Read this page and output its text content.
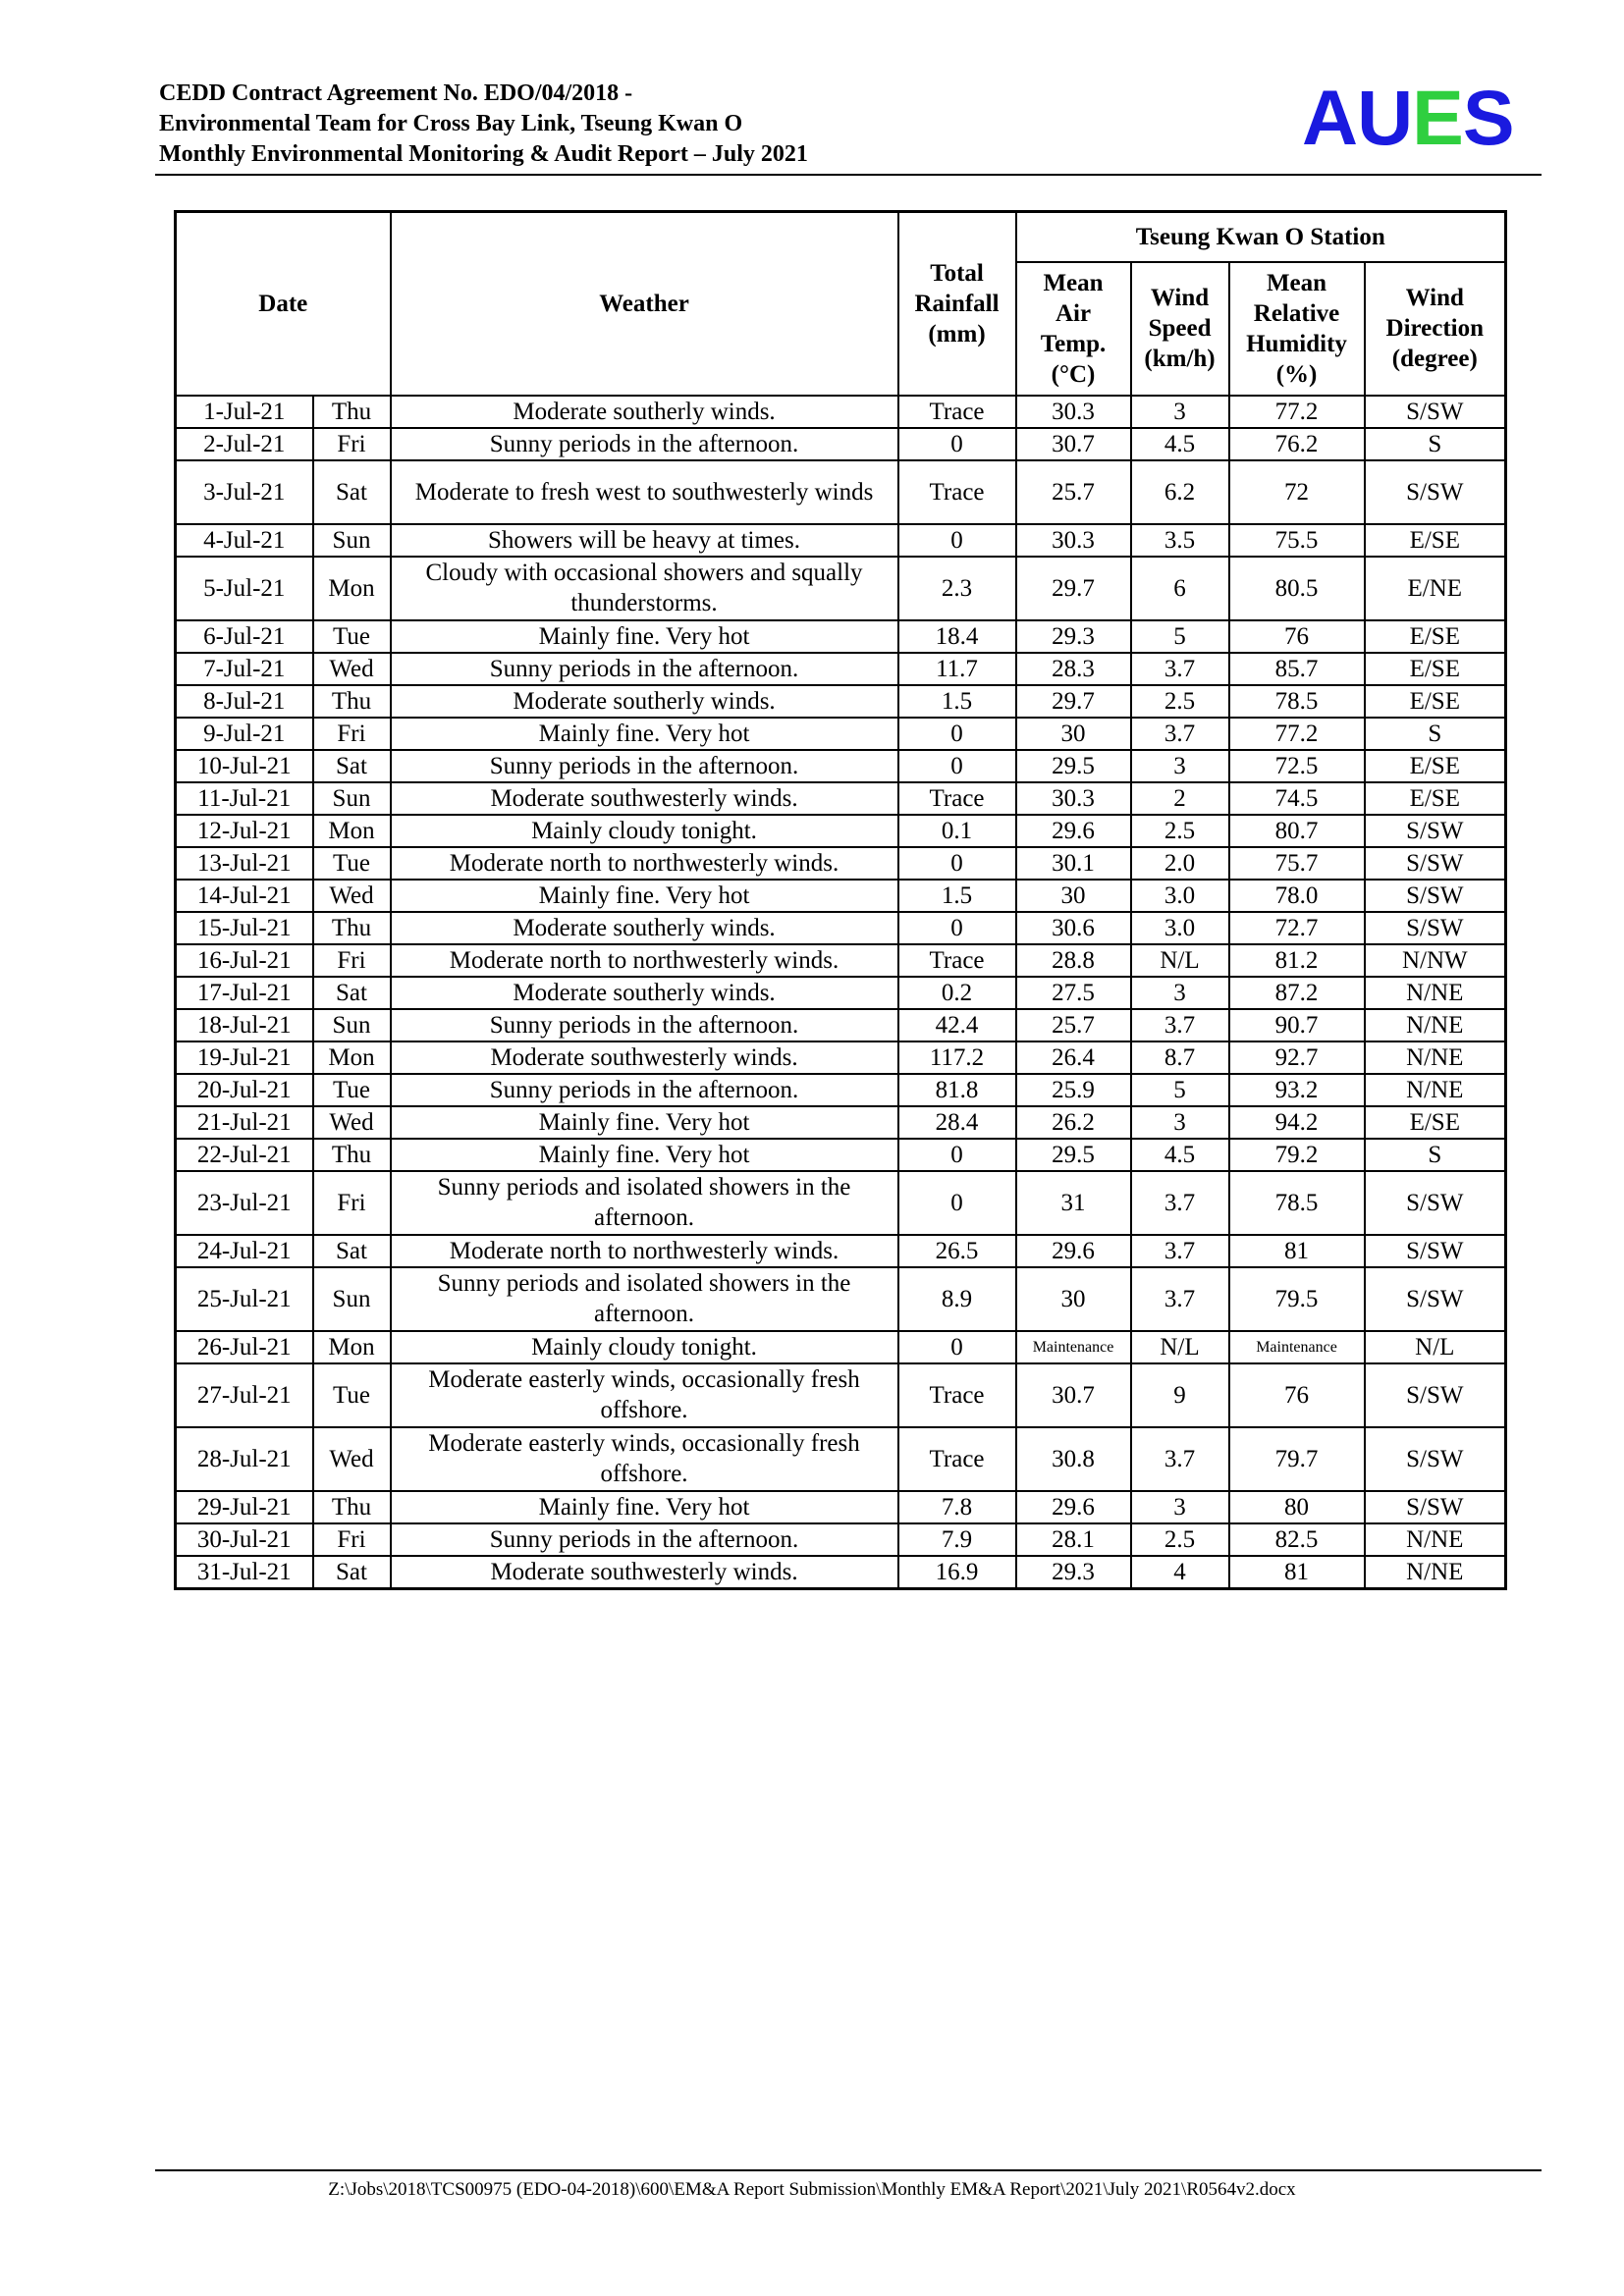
CEDD Contract Agreement No. EDO/04/2018 -
Environmental Team for Cross Bay Link, Tseung Kwan O
Monthly Environmental Monitoring & Audit Report – July 2021	AUES
Date		Weather	Total Rainfall (mm)	Tseung Kwan O Station			

				Mean Air Temp. (°C)	Wind Speed (km/h)	Mean Relative Humidity (%)	Wind Direction (degree)

1-Jul-21	Thu	Moderate southerly winds.	Trace	30.3	3	77.2	S/SW
2-Jul-21	Fri	Sunny periods in the afternoon.	0	30.7	4.5	76.2	S
3-Jul-21	Sat	Moderate to fresh west to southwesterly winds	Trace	25.7	6.2	72	S/SW
4-Jul-21	Sun	Showers will be heavy at times.	0	30.3	3.5	75.5	E/SE
5-Jul-21	Mon	Cloudy with occasional showers and squally thunderstorms.	2.3	29.7	6	80.5	E/NE
6-Jul-21	Tue	Mainly fine. Very hot	18.4	29.3	5	76	E/SE
7-Jul-21	Wed	Sunny periods in the afternoon.	11.7	28.3	3.7	85.7	E/SE
8-Jul-21	Thu	Moderate southerly winds.	1.5	29.7	2.5	78.5	E/SE
9-Jul-21	Fri	Mainly fine. Very hot	0	30	3.7	77.2	S
10-Jul-21	Sat	Sunny periods in the afternoon.	0	29.5	3	72.5	E/SE
11-Jul-21	Sun	Moderate southwesterly winds.	Trace	30.3	2	74.5	E/SE
12-Jul-21	Mon	Mainly cloudy tonight.	0.1	29.6	2.5	80.7	S/SW
13-Jul-21	Tue	Moderate north to northwesterly winds.	0	30.1	2.0	75.7	S/SW
14-Jul-21	Wed	Mainly fine. Very hot	1.5	30	3.0	78.0	S/SW
15-Jul-21	Thu	Moderate southerly winds.	0	30.6	3.0	72.7	S/SW
16-Jul-21	Fri	Moderate north to northwesterly winds.	Trace	28.8	N/L	81.2	N/NW
17-Jul-21	Sat	Moderate southerly winds.	0.2	27.5	3	87.2	N/NE
18-Jul-21	Sun	Sunny periods in the afternoon.	42.4	25.7	3.7	90.7	N/NE
19-Jul-21	Mon	Moderate southwesterly winds.	117.2	26.4	8.7	92.7	N/NE
20-Jul-21	Tue	Sunny periods in the afternoon.	81.8	25.9	5	93.2	N/NE
21-Jul-21	Wed	Mainly fine. Very hot	28.4	26.2	3	94.2	E/SE
22-Jul-21	Thu	Mainly fine. Very hot	0	29.5	4.5	79.2	S
23-Jul-21	Fri	Sunny periods and isolated showers in the afternoon.	0	31	3.7	78.5	S/SW
24-Jul-21	Sat	Moderate north to northwesterly winds.	26.5	29.6	3.7	81	S/SW
25-Jul-21	Sun	Sunny periods and isolated showers in the afternoon.	8.9	30	3.7	79.5	S/SW
26-Jul-21	Mon	Mainly cloudy tonight.	0	Maintenance	N/L	Maintenance	N/L
27-Jul-21	Tue	Moderate easterly winds, occasionally fresh offshore.	Trace	30.7	9	76	S/SW
28-Jul-21	Wed	Moderate easterly winds, occasionally fresh offshore.	Trace	30.8	3.7	79.7	S/SW
29-Jul-21	Thu	Mainly fine. Very hot	7.8	29.6	3	80	S/SW
30-Jul-21	Fri	Sunny periods in the afternoon.	7.9	28.1	2.5	82.5	N/NE
31-Jul-21	Sat	Moderate southwesterly winds.	16.9	29.3	4	81	N/NE
Z:\Jobs\2018\TCS00975 (EDO-04-2018)\600\EM&A Report Submission\Monthly EM&A Report\2021\July 2021\R0564v2.docx
